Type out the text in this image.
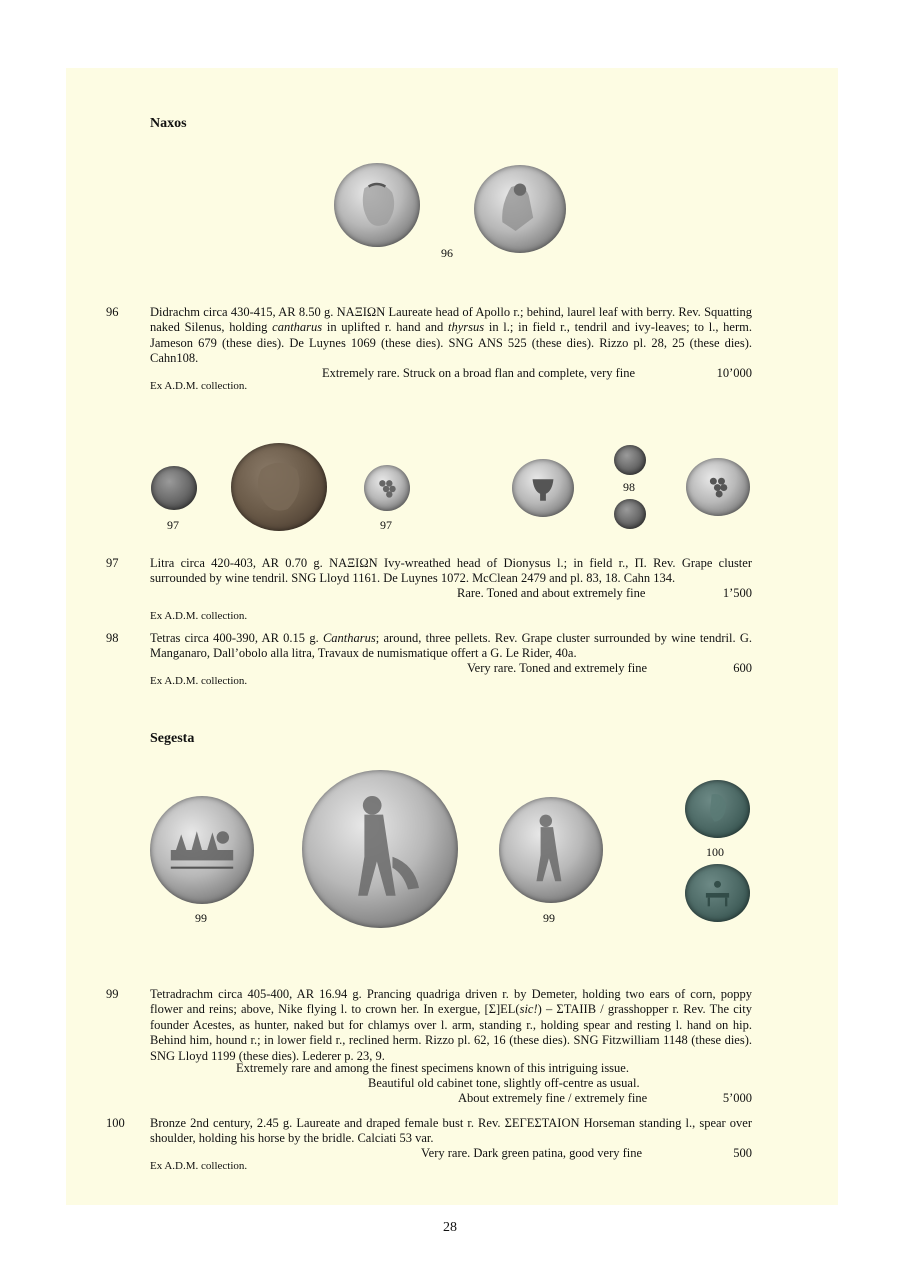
Naxos
96
96	Didrachm circa 430-415, AR 8.50 g. ΝΑΞΙΩΝ Laureate head of Apollo r.; behind, laurel leaf with berry. Rev. Squatting naked Silenus, holding cantharus in uplifted r. hand and thyrsus in l.; in field r., tendril and ivy-leaves; to l., herm. Jameson 679 (these dies). De Luynes 1069 (these dies). SNG ANS 525 (these dies). Rizzo pl. 28, 25 (these dies). Cahn108.
Extremely rare. Struck on a broad flan and complete, very fine	10’000
Ex A.D.M. collection.
97	97
98
97	Litra circa 420-403, AR 0.70 g. ΝΑΞΙΩΝ Ivy-wreathed head of Dionysus l.; in field r., Π. Rev. Grape cluster surrounded by wine tendril. SNG Lloyd 1161. De Luynes 1072. McClean 2479 and pl. 83, 18. Cahn 134.
Rare. Toned and about extremely fine	1’500
Ex A.D.M. collection.
98	Tetras circa 400-390, AR 0.15 g. Cantharus; around, three pellets. Rev. Grape cluster surrounded by wine tendril. G. Manganaro, Dall’obolo alla litra, Travaux de numismatique offert a G. Le Rider, 40a.
Very rare. Toned and extremely fine	600
Ex A.D.M. collection.
Segesta
99	99
100
99	Tetradrachm circa 405-400, AR 16.94 g. Prancing quadriga driven r. by Demeter, holding two ears of corn, poppy flower and reins; above, Nike flying l. to crown her. In exergue, [Σ]EL(sic!) – ΣΤΑΙΙΒ / grasshopper r. Rev. The city founder Acestes, as hunter, naked but for chlamys over l. arm, standing r., holding spear and resting l. hand on hip. Behind him, hound r.; in lower field r., reclined herm. Rizzo pl. 62, 16 (these dies). SNG Fitzwilliam 1148 (these dies). SNG Lloyd 1199 (these dies). Lederer p. 23, 9.
Extremely rare and among the finest specimens known of this intriguing issue.
Beautiful old cabinet tone, slightly off-centre as usual.
About extremely fine / extremely fine	5’000
100 Bronze 2nd century, 2.45 g. Laureate and draped female bust r. Rev. ΣΕΓΕΣΤΑΙΟΝ Horseman standing l., spear over shoulder, holding his horse by the bridle. Calciati 53 var.
Very rare. Dark green patina, good very fine	500
Ex A.D.M. collection.
28
